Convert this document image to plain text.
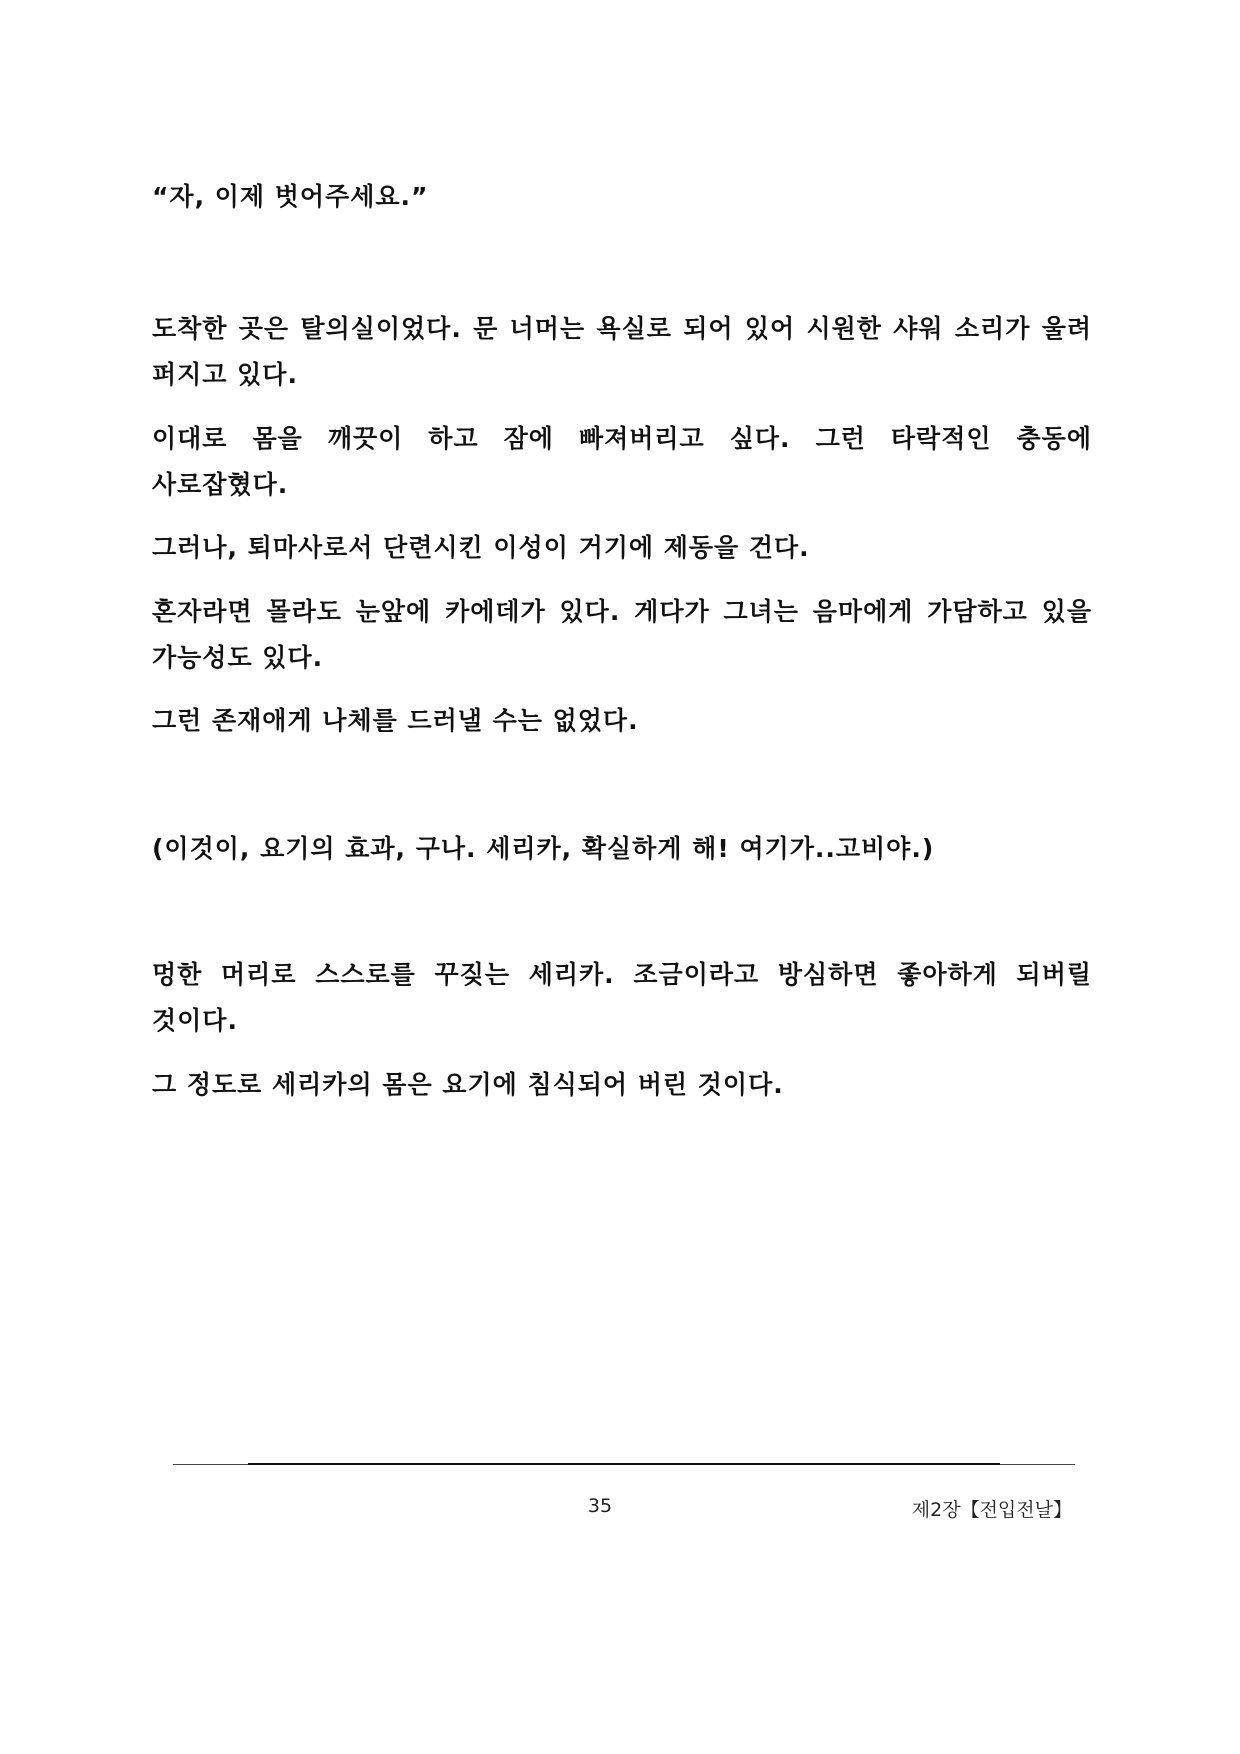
“자, 이제 벗어주세요.”

도착한 곳은 탈의실이었다. 문 너머는 욕실로 되어 있어 시원한 샤워 소리가 울려 퍼지고 있다.

이대로 몸을 깨끗이 하고 잠에 빠져버리고 싶다. 그런 타락적인 충동에 사로잡혔다.

그러나, 퇴마사로서 단련시킨 이성이 거기에 제동을 건다.

혼자라면 몰라도 눈앞에 카에데가 있다. 게다가 그녀는 음마에게 가담하고 있을 가능성도 있다.

그런 존재애게 나체를 드러낼 수는 없었다.

(이것이, 요기의 효과, 구나. 세리카, 확실하게 해! 여기가..고비야.)

멍한 머리로 스스로를 꾸짖는 세리카. 조금이라고 방심하면 좋아하게 되버릴 것이다.

그 정도로 세리카의 몸은 요기에 침식되어 버린 것이다.

35	제2장【전입전날】
